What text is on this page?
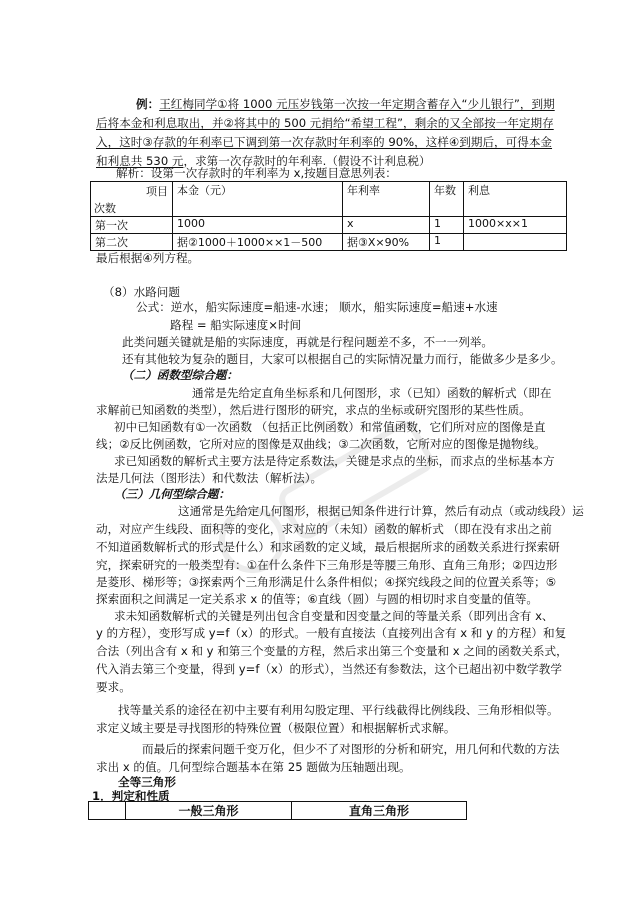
例：王红梅同学①将 1000 元压岁钱第一次按一年定期含蓄存入“少儿银行”，到期
后将本金和利息取出，并②将其中的 500 元捐给“希望工程”，剩余的又全部按一年定期存
入，这时③存款的年利率已下调到第一次存款时年利率的 90%，这样④到期后，可得本金
和利息共 530 元，求第一次存款时的年利率.（假设不计利息税）
解析：设第一次存款时的年利率为 x,按题目意思列表：
项目
次数	本金（元）	年利率	年数	利息
第一次	1000	x	1	1000×x×1
第二次	据②1000＋1000××1－500	据③X×90%	1	
最后根据④列方程。
（8）水路问题
公式：逆水，船实际速度=船速-水速； 顺水，船实际速度=船速+水速
路程 = 船实际速度×时间
此类问题关键就是船的实际速度，再就是行程问题差不多，不一一列举。
还有其他较为复杂的题目，大家可以根据自己的实际情况量力而行，能做多少是多少。
（二）函数型综合题：
通常是先给定直角坐标系和几何图形，求（已知）函数的解析式（即在
求解前已知函数的类型），然后进行图形的研究，求点的坐标或研究图形的某些性质。
初中已知函数有①一次函数 （包括正比例函数）和常值函数，它们所对应的图像是直
线；②反比例函数，它所对应的图像是双曲线；③二次函数，它所对应的图像是抛物线。
求已知函数的解析式主要方法是待定系数法，关键是求点的坐标，而求点的坐标基本方
法是几何法（图形法）和代数法（解析法）。
（三）几何型综合题：
这通常是先给定几何图形，根据已知条件进行计算，然后有动点（或动线段）运
动，对应产生线段、面积等的变化，求对应的（未知）函数的解析式 （即在没有求出之前
不知道函数解析式的形式是什么）和求函数的定义域，最后根据所求的函数关系进行探索研
究，探索研究的一般类型有：①在什么条件下三角形是等腰三角形、直角三角形；②四边形
是菱形、梯形等；③探索两个三角形满足什么条件相似；④探究线段之间的位置关系等；⑤
探索面积之间满足一定关系求 x 的值等；⑥直线（圆）与圆的相切时求自变量的值等。
求未知函数解析式的关键是列出包含自变量和因变量之间的等量关系（即列出含有 x、
y 的方程），变形写成 y=f（x）的形式。一般有直接法（直接列出含有 x 和 y 的方程）和复
合法（列出含有 x 和 y 和第三个变量的方程，然后求出第三个变量和 x 之间的函数关系式，
代入消去第三个变量，得到 y=f（x）的形式），当然还有参数法，这个已超出初中数学教学
要求。
找等量关系的途径在初中主要有利用勾股定理、平行线截得比例线段、三角形相似等。
求定义域主要是寻找图形的特殊位置（极限位置）和根据解析式求解。
而最后的探索问题千变万化，但少不了对图形的分析和研究，用几何和代数的方法
求出 x 的值。几何型综合题基本在第 25 题做为压轴题出现。
全等三角形
1．判定和性质
	一般三角形	直角三角形
